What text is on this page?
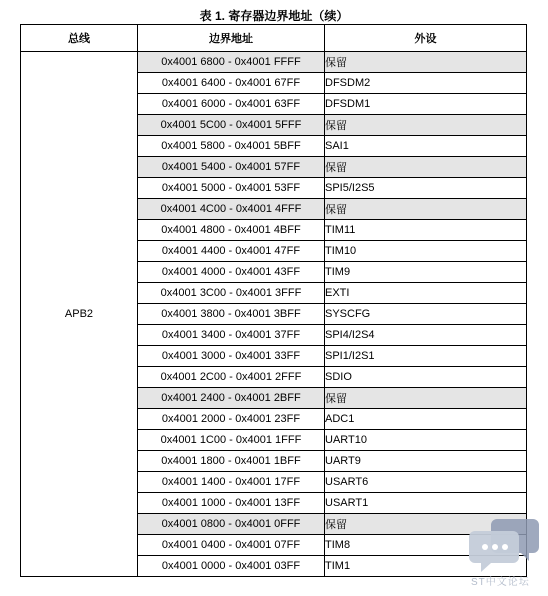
表 1. 寄存器边界地址（续）
总线	边界地址	外设
APB2	0x4001 6800 - 0x4001 FFFF	保留
	0x4001 6400 - 0x4001 67FF	DFSDM2
	0x4001 6000 - 0x4001 63FF	DFSDM1
	0x4001 5C00 - 0x4001 5FFF	保留
	0x4001 5800 - 0x4001 5BFF	SAI1
	0x4001 5400 - 0x4001 57FF	保留
	0x4001 5000 - 0x4001 53FF	SPI5/I2S5
	0x4001 4C00 - 0x4001 4FFF	保留
	0x4001 4800 - 0x4001 4BFF	TIM11
	0x4001 4400 - 0x4001 47FF	TIM10
	0x4001 4000 - 0x4001 43FF	TIM9
	0x4001 3C00 - 0x4001 3FFF	EXTI
	0x4001 3800 - 0x4001 3BFF	SYSCFG
	0x4001 3400 - 0x4001 37FF	SPI4/I2S4
	0x4001 3000 - 0x4001 33FF	SPI1/I2S1
	0x4001 2C00 - 0x4001 2FFF	SDIO
	0x4001 2400 - 0x4001 2BFF	保留
	0x4001 2000 - 0x4001 23FF	ADC1
	0x4001 1C00 - 0x4001 1FFF	UART10
	0x4001 1800 - 0x4001 1BFF	UART9
	0x4001 1400 - 0x4001 17FF	USART6
	0x4001 1000 - 0x4001 13FF	USART1
	0x4001 0800 - 0x4001 0FFF	保留
	0x4001 0400 - 0x4001 07FF	TIM8
	0x4001 0000 - 0x4001 03FF	TIM1
ST中文论坛
